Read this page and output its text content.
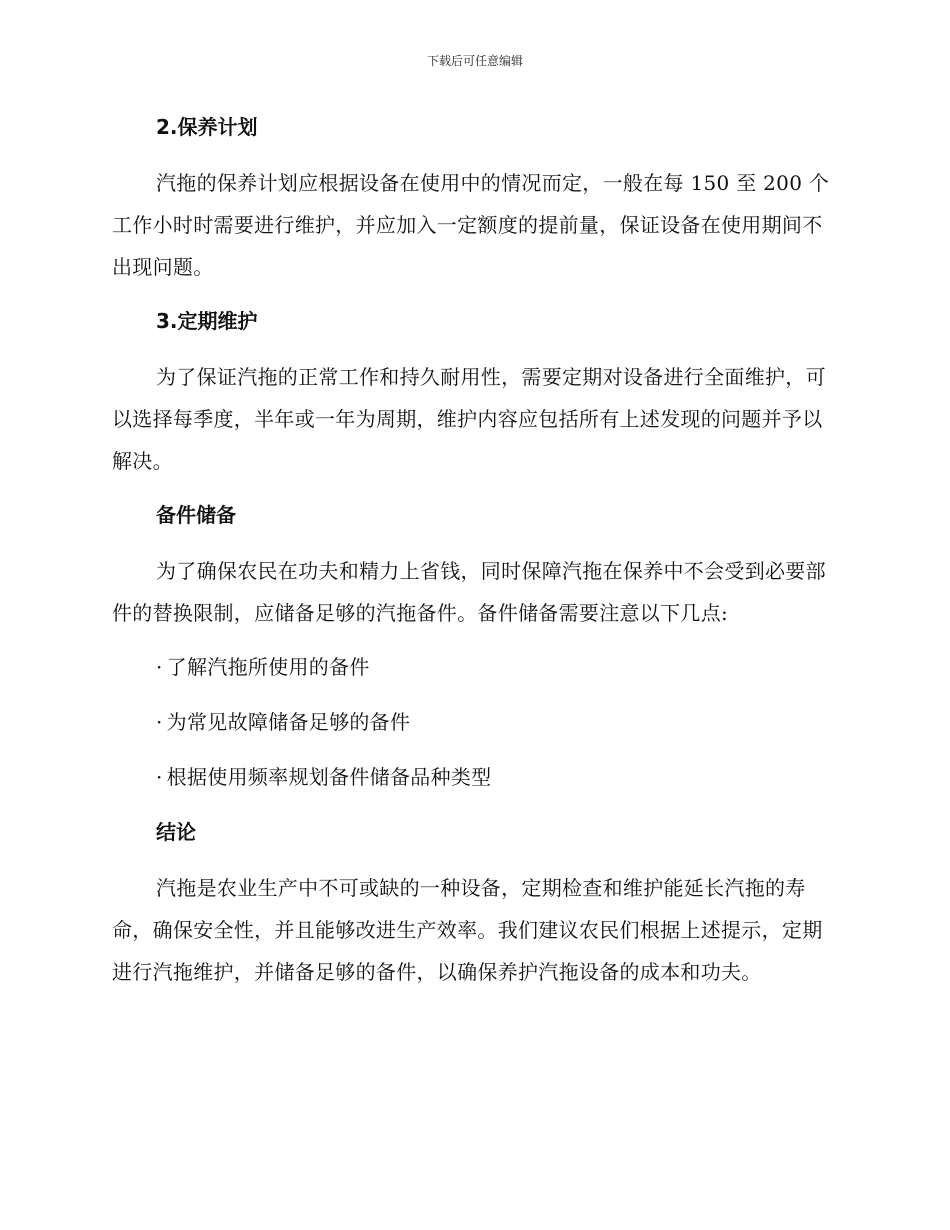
下载后可任意编辑
2.保养计划

汽拖的保养计划应根据设备在使用中的情况而定，一般在每 150 至 200 个工作小时时需要进行维护，并应加入一定额度的提前量，保证设备在使用期间不出现问题。

3.定期维护

为了保证汽拖的正常工作和持久耐用性，需要定期对设备进行全面维护，可以选择每季度，半年或一年为周期，维护内容应包括所有上述发现的问题并予以解决。

备件储备

为了确保农民在功夫和精力上省钱，同时保障汽拖在保养中不会受到必要部件的替换限制，应储备足够的汽拖备件。备件储备需要注意以下几点:

· 了解汽拖所使用的备件
· 为常见故障储备足够的备件
· 根据使用频率规划备件储备品种类型
结论

汽拖是农业生产中不可或缺的一种设备，定期检查和维护能延长汽拖的寿命，确保安全性，并且能够改进生产效率。我们建议农民们根据上述提示，定期进行汽拖维护，并储备足够的备件，以确保养护汽拖设备的成本和功夫。
